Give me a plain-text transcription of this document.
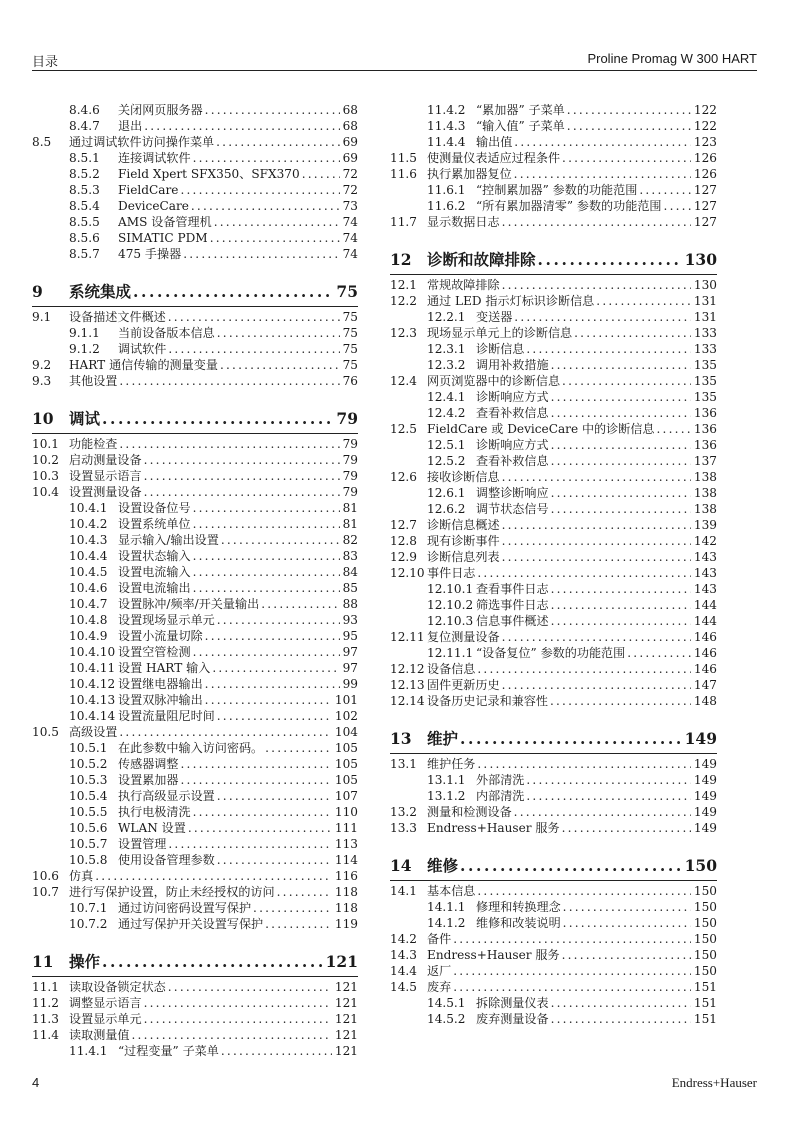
目录	Proline Promag W 300 HART
8.4.6 关闭网页服务器 .....	68
8.4.7 退出 .....	68
8.5 通过调试软件访问操作菜单 .....	69
8.5.1 连接调试软件 .....	69
8.5.2 Field Xpert SFX350、SFX370 .....	72
8.5.3 FieldCare .....	72
8.5.4 DeviceCare .....	73
8.5.5 AMS 设备管理机 .....	74
8.5.6 SIMATIC PDM .....	74
8.5.7 475 手操器 .....	74
9 系统集成 .....	75
9.1 设备描述文件概述 .....	75
9.1.1 当前设备版本信息 .....	75
9.1.2 调试软件 .....	75
9.2 HART 通信传输的测量变量 .....	75
9.3 其他设置 .....	76
10 调试 .....	79
10.1 功能检查 .....	79
10.2 启动测量设备 .....	79
10.3 设置显示语言 .....	79
10.4 设置测量设备 .....	79
10.4.1 设置设备位号 .....	81
10.4.2 设置系统单位 .....	81
10.4.3 显示输入/输出设置 .....	82
10.4.4 设置状态输入 .....	83
10.4.5 设置电流输入 .....	84
10.4.6 设置电流输出 .....	85
10.4.7 设置脉冲/频率/开关量输出 .....	88
10.4.8 设置现场显示单元 .....	93
10.4.9 设置小流量切除 .....	95
10.4.10 设置空管检测 .....	97
10.4.11 设置 HART 输入 .....	97
10.4.12 设置继电器输出 .....	99
10.4.13 设置双脉冲输出 .....	101
10.4.14 设置流量阻尼时间 .....	102
10.5 高级设置 .....	104
10.5.1 在此参数中输入访问密码。 .....	105
10.5.2 传感器调整 .....	105
10.5.3 设置累加器 .....	105
10.5.4 执行高级显示设置 .....	107
10.5.5 执行电极清洗 .....	110
10.5.6 WLAN 设置 .....	111
10.5.7 设置管理 .....	113
10.5.8 使用设备管理参数 .....	114
10.6 仿真 .....	116
10.7 进行写保护设置，防止未经授权的访问 .....	118
10.7.1 通过访问密码设置写保护 .....	118
10.7.2 通过写保护开关设置写保护 .....	119
11 操作 .....	121
11.1 读取设备锁定状态 .....	121
11.2 调整显示语言 .....	121
11.3 设置显示单元 .....	121
11.4 读取测量值 .....	121
11.4.1 “过程变量” 子菜单 .....	121
11.4.2 “累加器” 子菜单 .....	122
11.4.3 “输入值” 子菜单 .....	122
11.4.4 输出值 .....	123
11.5 使测量仪表适应过程条件 .....	126
11.6 执行累加器复位 .....	126
11.6.1 “控制累加器” 参数的功能范围 .....	127
11.6.2 “所有累加器清零” 参数的功能范围 .....	127
11.7 显示数据日志 .....	127
12 诊断和故障排除 .....	130
12.1 常规故障排除 .....	130
12.2 通过 LED 指示灯标识诊断信息 .....	131
12.2.1 变送器 .....	131
12.3 现场显示单元上的诊断信息 .....	133
12.3.1 诊断信息 .....	133
12.3.2 调用补救措施 .....	135
12.4 网页浏览器中的诊断信息 .....	135
12.4.1 诊断响应方式 .....	135
12.4.2 查看补救信息 .....	136
12.5 FieldCare 或 DeviceCare 中的诊断信息 .....	136
12.5.1 诊断响应方式 .....	136
12.5.2 查看补救信息 .....	137
12.6 接收诊断信息 .....	138
12.6.1 调整诊断响应 .....	138
12.6.2 调节状态信号 .....	138
12.7 诊断信息概述 .....	139
12.8 现有诊断事件 .....	142
12.9 诊断信息列表 .....	143
12.10 事件日志 .....	143
12.10.1 查看事件日志 .....	143
12.10.2 筛选事件日志 .....	144
12.10.3 信息事件概述 .....	144
12.11 复位测量设备 .....	146
12.11.1 “设备复位” 参数的功能范围 .....	146
12.12 设备信息 .....	146
12.13 固件更新历史 .....	147
12.14 设备历史记录和兼容性 .....	148
13 维护 .....	149
13.1 维护任务 .....	149
13.1.1 外部清洗 .....	149
13.1.2 内部清洗 .....	149
13.2 测量和检测设备 .....	149
13.3 Endress+Hauser 服务 .....	149
14 维修 .....	150
14.1 基本信息 .....	150
14.1.1 修理和转换理念 .....	150
14.1.2 维修和改装说明 .....	150
14.2 备件 .....	150
14.3 Endress+Hauser 服务 .....	150
14.4 返厂 .....	150
14.5 废弃 .....	151
14.5.1 拆除测量仪表 .....	151
14.5.2 废弃测量设备 .....	151
4	Endress+Hauser
